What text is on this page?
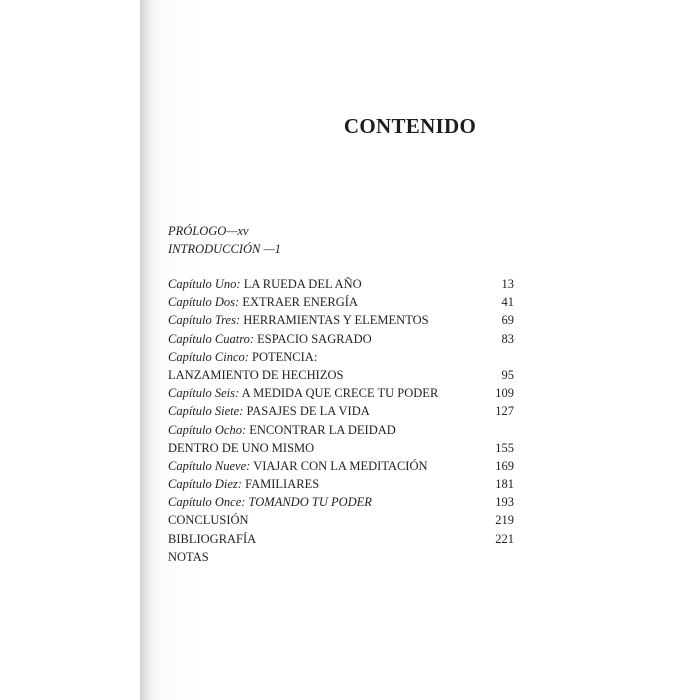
CONTENIDO
PRÓLOGO—xv
INTRODUCCIÓN —1
Capítulo Uno: LA RUEDA DEL AÑO	13
Capítulo Dos: EXTRAER ENERGÍA	41
Capítulo Tres: HERRAMIENTAS Y ELEMENTOS	69
Capítulo Cuatro: ESPACIO SAGRADO	83
Capítulo Cinco: POTENCIA:
LANZAMIENTO DE HECHIZOS	95
Capítulo Seis: A MEDIDA QUE CRECE TU PODER	109
Capítulo Siete: PASAJES DE LA VIDA	127
Capítulo Ocho: ENCONTRAR LA DEIDAD
DENTRO DE UNO MISMO	155
Capítulo Nueve: VIAJAR CON LA MEDITACIÓN	169
Capítulo Diez: FAMILIARES	181
Capítulo Once: TOMANDO TU PODER	193
CONCLUSIÓN	219
BIBLIOGRAFÍA	221
NOTAS
